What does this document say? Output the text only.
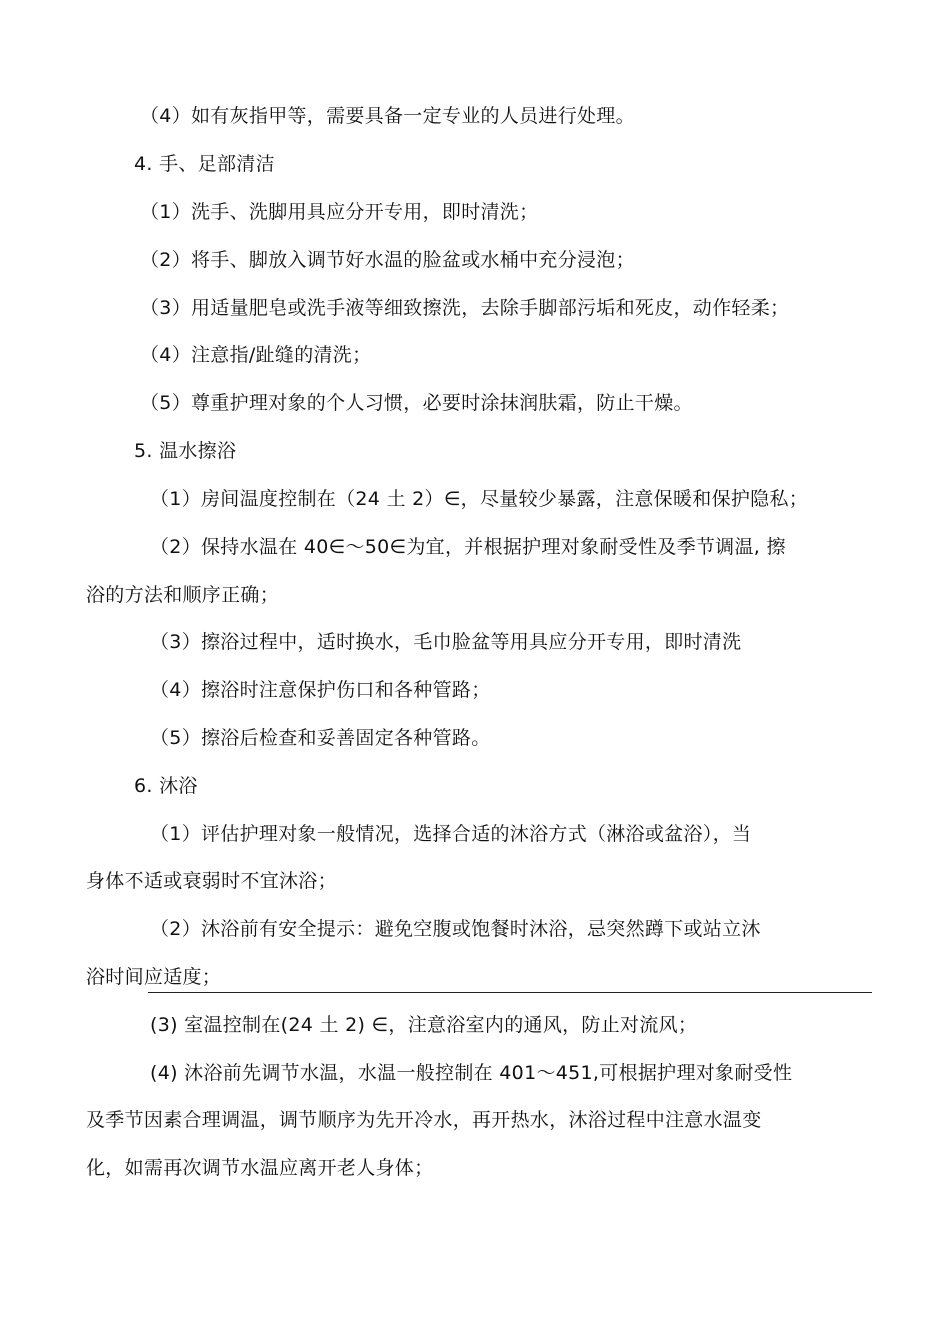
（4）如有灰指甲等，需要具备一定专业的人员进行处理。
4. 手、足部清洁
（1）洗手、洗脚用具应分开专用，即时清洗；
（2）将手、脚放入调节好水温的脸盆或水桶中充分浸泡；
（3）用适量肥皂或洗手液等细致擦洗，去除手脚部污垢和死皮，动作轻柔；
（4）注意指/趾缝的清洗；
（5）尊重护理对象的个人习惯，必要时涂抹润肤霜，防止干燥。
5. 温水擦浴
（1）房间温度控制在（24 土 2）∈，尽量较少暴露，注意保暖和保护隐私；
（2）保持水温在 40∈〜50∈为宜，并根据护理对象耐受性及季节调温, 擦
浴的方法和顺序正确；
（3）擦浴过程中，适时换水，毛巾脸盆等用具应分开专用，即时清洗
（4）擦浴时注意保护伤口和各种管路；
（5）擦浴后检查和妥善固定各种管路。
6. 沐浴
（1）评估护理对象一般情况，选择合适的沐浴方式（淋浴或盆浴），当
身体不适或衰弱时不宜沐浴；
（2）沐浴前有安全提示：避免空腹或饱餐时沐浴，忌突然蹲下或站立沐
浴时间应适度；
(3) 室温控制在(24 土 2) ∈，注意浴室内的通风，防止对流风；
(4) 沐浴前先调节水温，水温一般控制在 401〜451,可根据护理对象耐受性
及季节因素合理调温，调节顺序为先开冷水，再开热水，沐浴过程中注意水温变
化，如需再次调节水温应离开老人身体；
